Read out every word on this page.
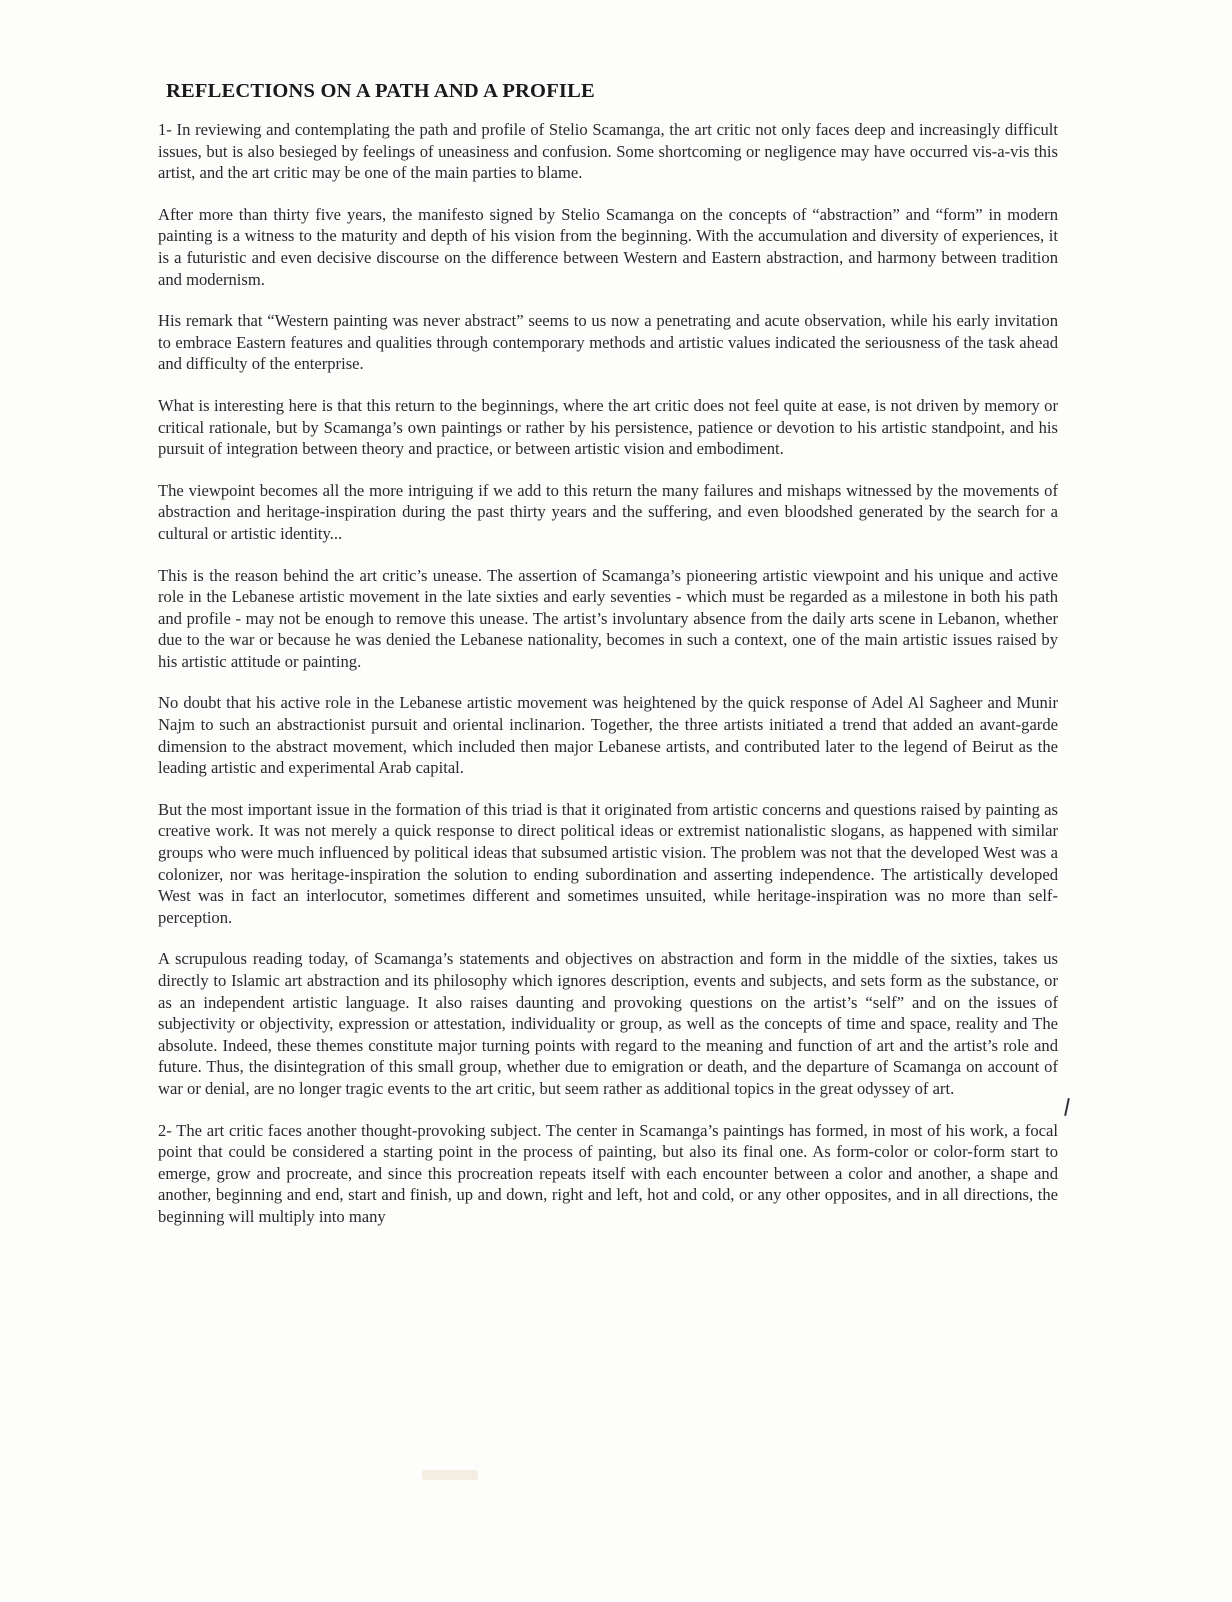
REFLECTIONS ON A PATH AND A PROFILE

1- In reviewing and contemplating the path and profile of Stelio Scamanga, the art critic not only faces deep and increasingly difficult issues, but is also besieged by feelings of uneasiness and confusion. Some shortcoming or negligence may have occurred vis-a-vis this artist, and the art critic may be one of the main parties to blame.

After more than thirty five years, the manifesto signed by Stelio Scamanga on the concepts of “abstraction” and “form” in modern painting is a witness to the maturity and depth of his vision from the beginning. With the accumulation and diversity of experiences, it is a futuristic and even decisive discourse on the difference between Western and Eastern abstraction, and harmony between tradition and modernism.

His remark that “Western painting was never abstract” seems to us now a penetrating and acute observation, while his early invitation to embrace Eastern features and qualities through contemporary methods and artistic values indicated the seriousness of the task ahead and difficulty of the enterprise.

What is interesting here is that this return to the beginnings, where the art critic does not feel quite at ease, is not driven by memory or critical rationale, but by Scamanga’s own paintings or rather by his persistence, patience or devotion to his artistic standpoint, and his pursuit of integration between theory and practice, or between artistic vision and embodiment.

The viewpoint becomes all the more intriguing if we add to this return the many failures and mishaps witnessed by the movements of abstraction and heritage-inspiration during the past thirty years and the suffering, and even bloodshed generated by the search for a cultural or artistic identity...

This is the reason behind the art critic’s unease. The assertion of Scamanga’s pioneering artistic viewpoint and his unique and active role in the Lebanese artistic movement in the late sixties and early seventies - which must be regarded as a milestone in both his path and profile - may not be enough to remove this unease. The artist’s involuntary absence from the daily arts scene in Lebanon, whether due to the war or because he was denied the Lebanese nationality, becomes in such a context, one of the main artistic issues raised by his artistic attitude or painting.

No doubt that his active role in the Lebanese artistic movement was heightened by the quick response of Adel Al Sagheer and Munir Najm to such an abstractionist pursuit and oriental inclinarion. Together, the three artists initiated a trend that added an avant-garde dimension to the abstract movement, which included then major Lebanese artists, and contributed later to the legend of Beirut as the leading artistic and experimental Arab capital.

But the most important issue in the formation of this triad is that it originated from artistic concerns and questions raised by painting as creative work. It was not merely a quick response to direct political ideas or extremist nationalistic slogans, as happened with similar groups who were much influenced by political ideas that subsumed artistic vision. The problem was not that the developed West was a colonizer, nor was heritage-inspiration the solution to ending subordination and asserting independence. The artistically developed West was in fact an interlocutor, sometimes different and sometimes unsuited, while heritage-inspiration was no more than self-perception.

A scrupulous reading today, of Scamanga’s statements and objectives on abstraction and form in the middle of the sixties, takes us directly to Islamic art abstraction and its philosophy which ignores description, events and subjects, and sets form as the substance, or as an independent artistic language. It also raises daunting and provoking questions on the artist’s “self” and on the issues of subjectivity or objectivity, expression or attestation, individuality or group, as well as the concepts of time and space, reality and The absolute. Indeed, these themes constitute major turning points with regard to the meaning and function of art and the artist’s role and future. Thus, the disintegration of this small group, whether due to emigration or death, and the departure of Scamanga on account of war or denial, are no longer tragic events to the art critic, but seem rather as additional topics in the great odyssey of art.

2- The art critic faces another thought-provoking subject. The center in Scamanga’s paintings has formed, in most of his work, a focal point that could be considered a starting point in the process of painting, but also its final one. As form-color or color-form start to emerge, grow and procreate, and since this procreation repeats itself with each encounter between a color and another, a shape and another, beginning and end, start and finish, up and down, right and left, hot and cold, or any other opposites, and in all directions, the beginning will multiply into many
